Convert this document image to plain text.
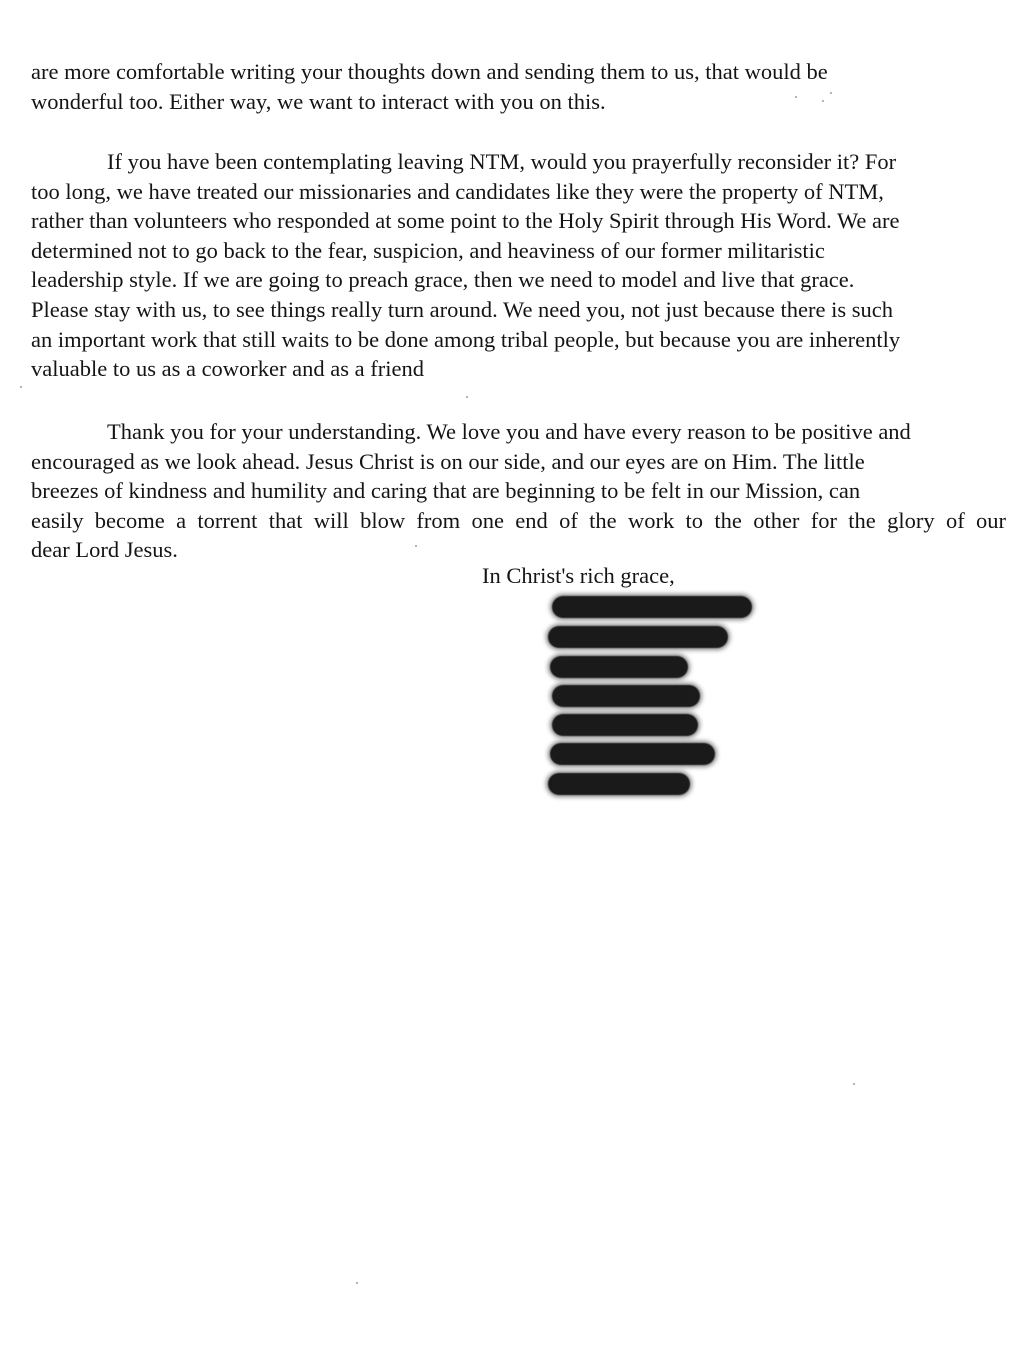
are more comfortable writing your thoughts down and sending them to us, that would be
wonderful too. Either way, we want to interact with you on this.
If you have been contemplating leaving NTM, would you prayerfully reconsider it? For
too long, we have treated our missionaries and candidates like they were the property of NTM,
rather than volunteers who responded at some point to the Holy Spirit through His Word. We are
determined not to go back to the fear, suspicion, and heaviness of our former militaristic
leadership style. If we are going to preach grace, then we need to model and live that grace.
Please stay with us, to see things really turn around. We need you, not just because there is such
an important work that still waits to be done among tribal people, but because you are inherently
valuable to us as a coworker and as a friend
Thank you for your understanding. We love you and have every reason to be positive and
encouraged as we look ahead. Jesus Christ is on our side, and our eyes are on Him. The little
breezes of kindness and humility and caring that are beginning to be felt in our Mission, can
easily become a torrent that will blow from one end of the work to the other for the glory of our
dear Lord Jesus.
In Christ's rich grace,
